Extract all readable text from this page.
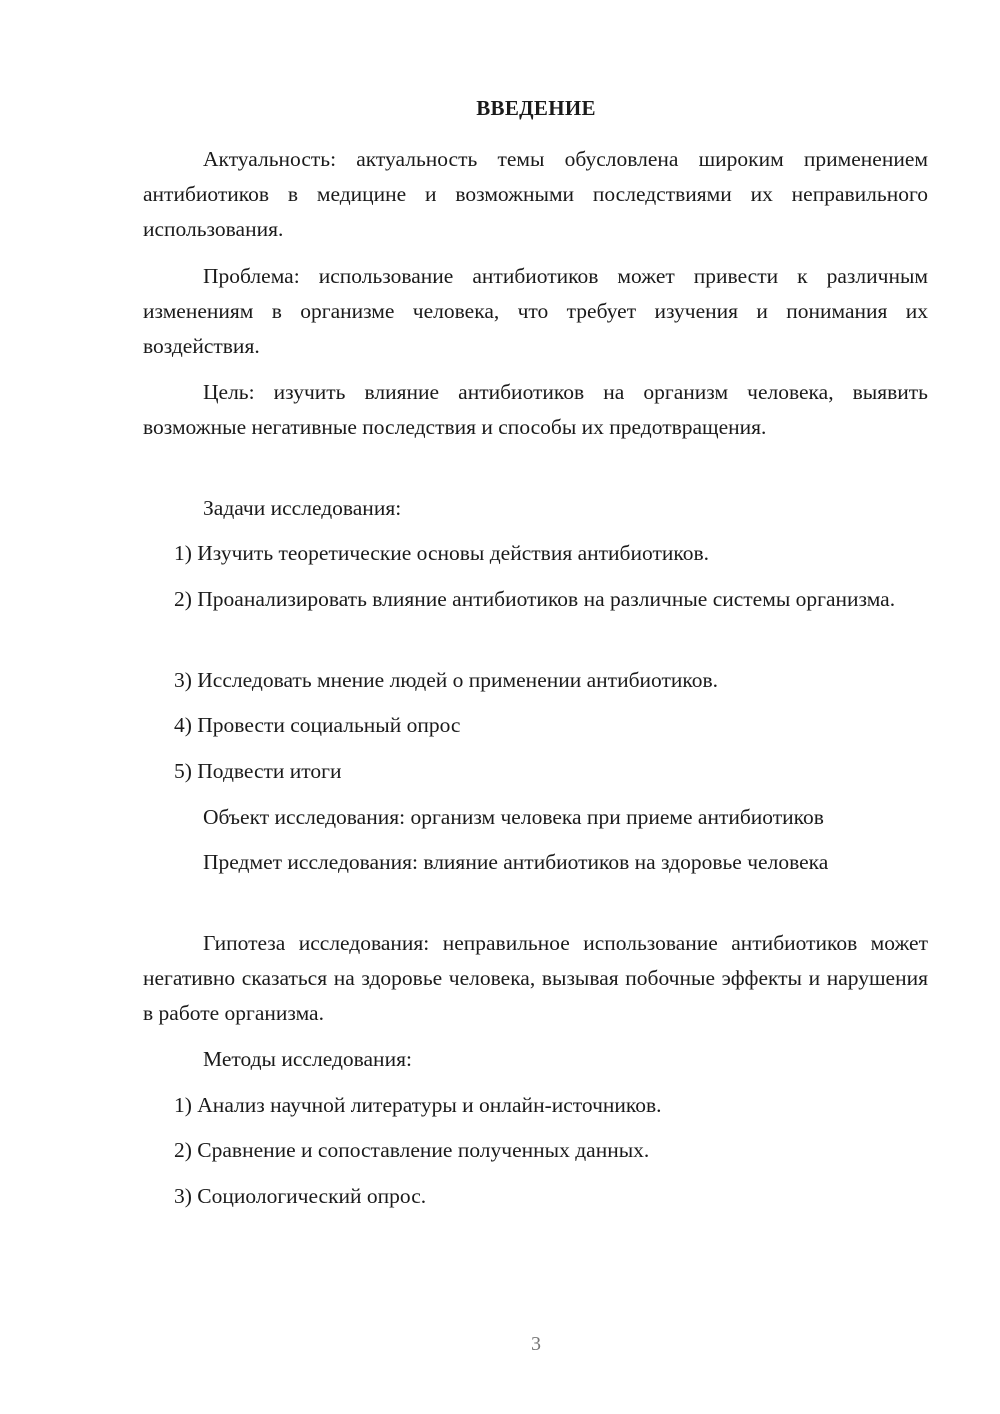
ВВЕДЕНИЕ
Актуальность: актуальность темы обусловлена широким применением антибиотиков в медицине и возможными последствиями их неправильного использования.
Проблема: использование антибиотиков может привести к различным изменениям в организме человека, что требует изучения и понимания их воздействия.
Цель: изучить влияние антибиотиков на организм человека, выявить возможные негативные последствия и способы их предотвращения.
Задачи исследования:
1) Изучить теоретические основы действия антибиотиков.
2) Проанализировать влияние антибиотиков на различные системы организма.
3) Исследовать мнение людей о применении антибиотиков.
4) Провести социальный опрос
5) Подвести итоги
Объект исследования: организм человека при приеме антибиотиков
Предмет исследования: влияние антибиотиков на здоровье человека
Гипотеза исследования: неправильное использование антибиотиков может негативно сказаться на здоровье человека, вызывая побочные эффекты и нарушения в работе организма.
Методы исследования:
1) Анализ научной литературы и онлайн-источников.
2) Сравнение и сопоставление полученных данных.
3) Социологический опрос.
3
